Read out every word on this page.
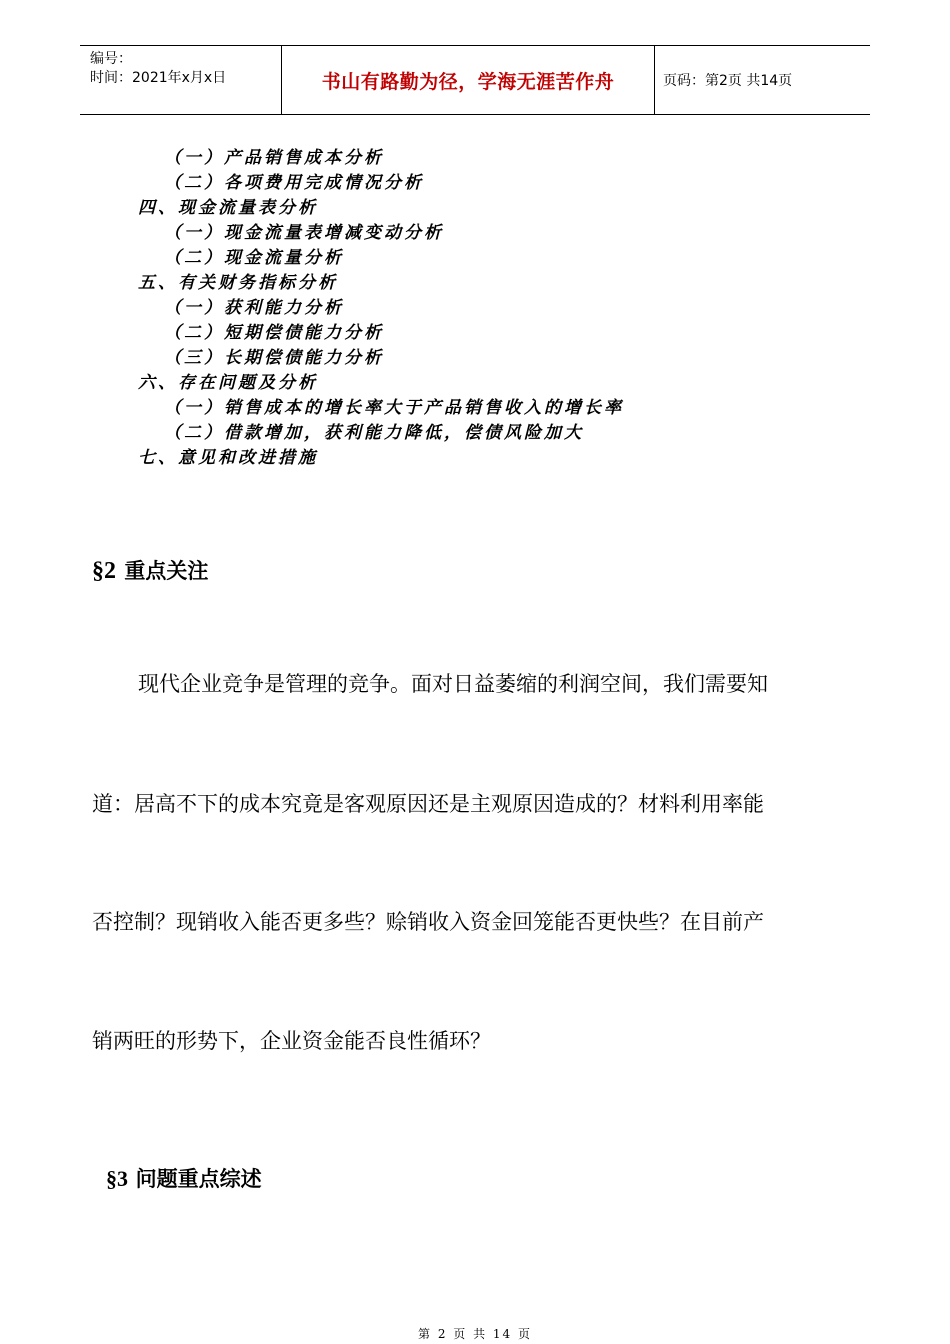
编号：
时间：2021年x月x日	书山有路勤为径，学海无涯苦作舟	页码：第2页 共14页
（一）产品销售成本分析
（二）各项费用完成情况分析
四、现金流量表分析
（一）现金流量表增减变动分析
（二）现金流量分析
五、有关财务指标分析
（一）获利能力分析
（二）短期偿债能力分析
（三）长期偿债能力分析
六、存在问题及分析
（一）销售成本的增长率大于产品销售收入的增长率
（二）借款增加，获利能力降低，偿债风险加大
七、意见和改进措施
§2 重点关注
现代企业竞争是管理的竞争。面对日益萎缩的利润空间，我们需要知
道：居高不下的成本究竟是客观原因还是主观原因造成的？材料利用率能
否控制？现销收入能否更多些？赊销收入资金回笼能否更快些？在目前产
销两旺的形势下，企业资金能否良性循环？
§3 问题重点综述
第 2 页 共 14 页
